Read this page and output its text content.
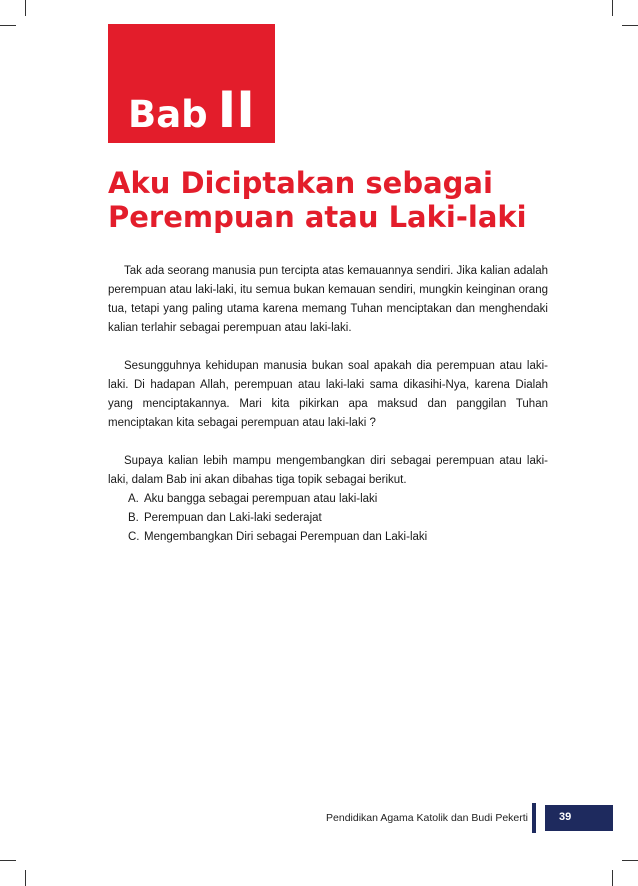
Bab II
Aku Diciptakan sebagai
Perempuan atau Laki-laki

Tak ada seorang manusia pun tercipta atas kemauannya sendiri. Jika kalian adalah perempuan atau laki-laki, itu semua bukan kemauan sendiri, mungkin keinginan orang tua, tetapi yang paling utama karena memang Tuhan menciptakan dan menghendaki kalian terlahir sebagai perempuan atau laki-laki.

Sesungguhnya kehidupan manusia bukan soal apakah dia perempuan atau laki-laki. Di hadapan Allah, perempuan atau laki-laki sama dikasihi-Nya, karena Dialah yang menciptakannya. Mari kita pikirkan apa maksud dan panggilan Tuhan menciptakan kita sebagai perempuan atau laki-laki ?

Supaya kalian lebih mampu mengembangkan diri sebagai perempuan atau laki-laki, dalam Bab ini akan dibahas tiga topik sebagai berikut.

A. Aku bangga sebagai perempuan atau laki-laki
B. Perempuan dan Laki-laki sederajat
C. Mengembangkan Diri sebagai Perempuan dan Laki-laki
Pendidikan Agama Katolik dan Budi Pekerti	39
